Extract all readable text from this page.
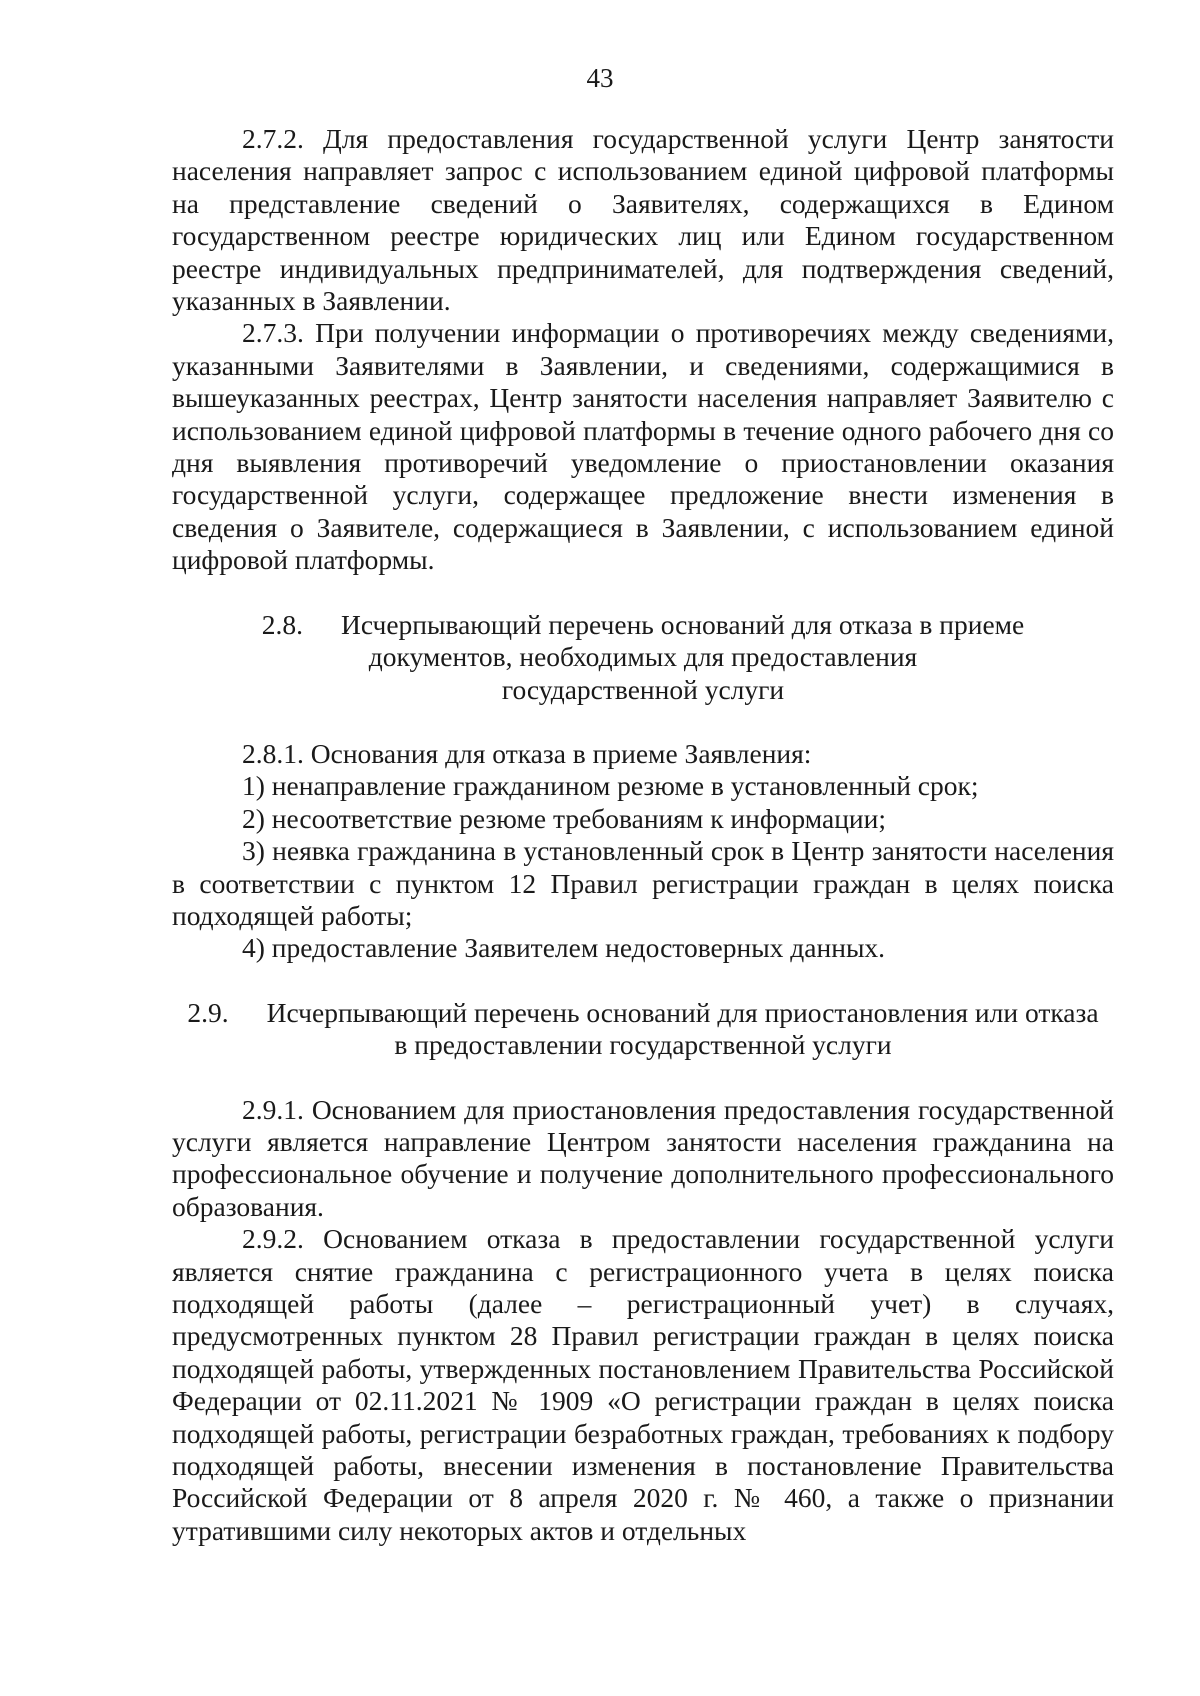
43

2.7.2. Для предоставления государственной услуги Центр занятости населения направляет запрос с использованием единой цифровой платформы на представление сведений о Заявителях, содержащихся в Едином государственном реестре юридических лиц или Едином государственном реестре индивидуальных предпринимателей, для подтверждения сведений, указанных в Заявлении.

2.7.3. При получении информации о противоречиях между сведениями, указанными Заявителями в Заявлении, и сведениями, содержащимися в вышеуказанных реестрах, Центр занятости населения направляет Заявителю с использованием единой цифровой платформы в течение одного рабочего дня со дня выявления противоречий уведомление о приостановлении оказания государственной услуги, содержащее предложение внести изменения в сведения о Заявителе, содержащиеся в Заявлении, с использованием единой цифровой платформы.

2.8. Исчерпывающий перечень оснований для отказа в приеме
документов, необходимых для предоставления
государственной услуги

2.8.1. Основания для отказа в приеме Заявления:

1) ненаправление гражданином резюме в установленный срок;

2) несоответствие резюме требованиям к информации;

3) неявка гражданина в установленный срок в Центр занятости населения в соответствии с пунктом 12 Правил регистрации граждан в целях поиска подходящей работы;

4) предоставление Заявителем недостоверных данных.

2.9. Исчерпывающий перечень оснований для приостановления или отказа
в предоставлении государственной услуги

2.9.1. Основанием для приостановления предоставления государственной услуги является направление Центром занятости населения гражданина на профессиональное обучение и получение дополнительного профессионального образования.

2.9.2. Основанием отказа в предоставлении государственной услуги является снятие гражданина с регистрационного учета в целях поиска подходящей работы (далее – регистрационный учет) в случаях, предусмотренных пунктом 28 Правил регистрации граждан в целях поиска подходящей работы, утвержденных постановлением Правительства Российской Федерации от 02.11.2021 № 1909 «О регистрации граждан в целях поиска подходящей работы, регистрации безработных граждан, требованиях к подбору подходящей работы, внесении изменения в постановление Правительства Российской Федерации от 8 апреля 2020 г. № 460, а также о признании утратившими силу некоторых актов и отдельных
